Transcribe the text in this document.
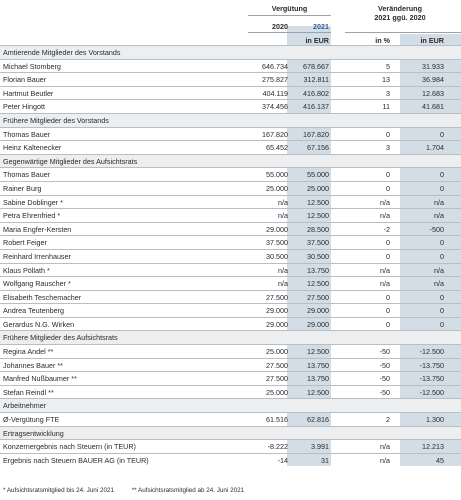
Vergütung
2020	2021
in EUR
Veränderung
2021 ggü. 2020
in %	in EUR
Amtierende Mitglieder des Vorstands
Michael Stomberg	646.734	678.667	5	31.933
Florian Bauer	275.827	312.811	13	36.984
Hartmut Beutler	404.119	416.802	3	12.683
Peter Hingott	374.456	416.137	11	41.681
Frühere Mitglieder des Vorstands
Thomas Bauer	167.820	167.820	0	0
Heinz Kaltenecker	65.452	67.156	3	1.704
Gegenwärtige Mitglieder des Aufsichtsrats
Thomas Bauer	55.000	55.000	0	0
Rainer Burg	25.000	25.000	0	0
Sabine Doblinger *	n/a	12.500	n/a	n/a
Petra Ehrenfried *	n/a	12.500	n/a	n/a
Maria Engfer-Kersten	29.000	28.500	-2	-500
Robert Feiger	37.500	37.500	0	0
Reinhard Irrenhauser	30.500	30.500	0	0
Klaus Pöllath *	n/a	13.750	n/a	n/a
Wolfgang Rauscher *	n/a	12.500	n/a	n/a
Elisabeth Teschemacher	27.500	27.500	0	0
Andrea Teutenberg	29.000	29.000	0	0
Gerardus N.G. Wirken	29.000	29.000	0	0
Frühere Mitglieder des Aufsichtsrats
Regina Andel **	25.000	12.500	-50	-12.500
Johannes Bauer **	27.500	13.750	-50	-13.750
Manfred Nußbaumer **	27.500	13.750	-50	-13.750
Stefan Reindl **	25.000	12.500	-50	-12.500
Arbeitnehmer
Ø-Vergütung FTE	61.516	62.816	2	1.300
Ertragsentwicklung
Konzernergebnis nach Steuern (in TEUR)	-8.222	3.991	n/a	12.213
Ergebnis nach Steuern BAUER AG (in TEUR)	-14	31	n/a	45
* Aufsichtsratsmitglied bis 24. Juni 2021	** Aufsichtsratsmitglied ab 24. Juni 2021
